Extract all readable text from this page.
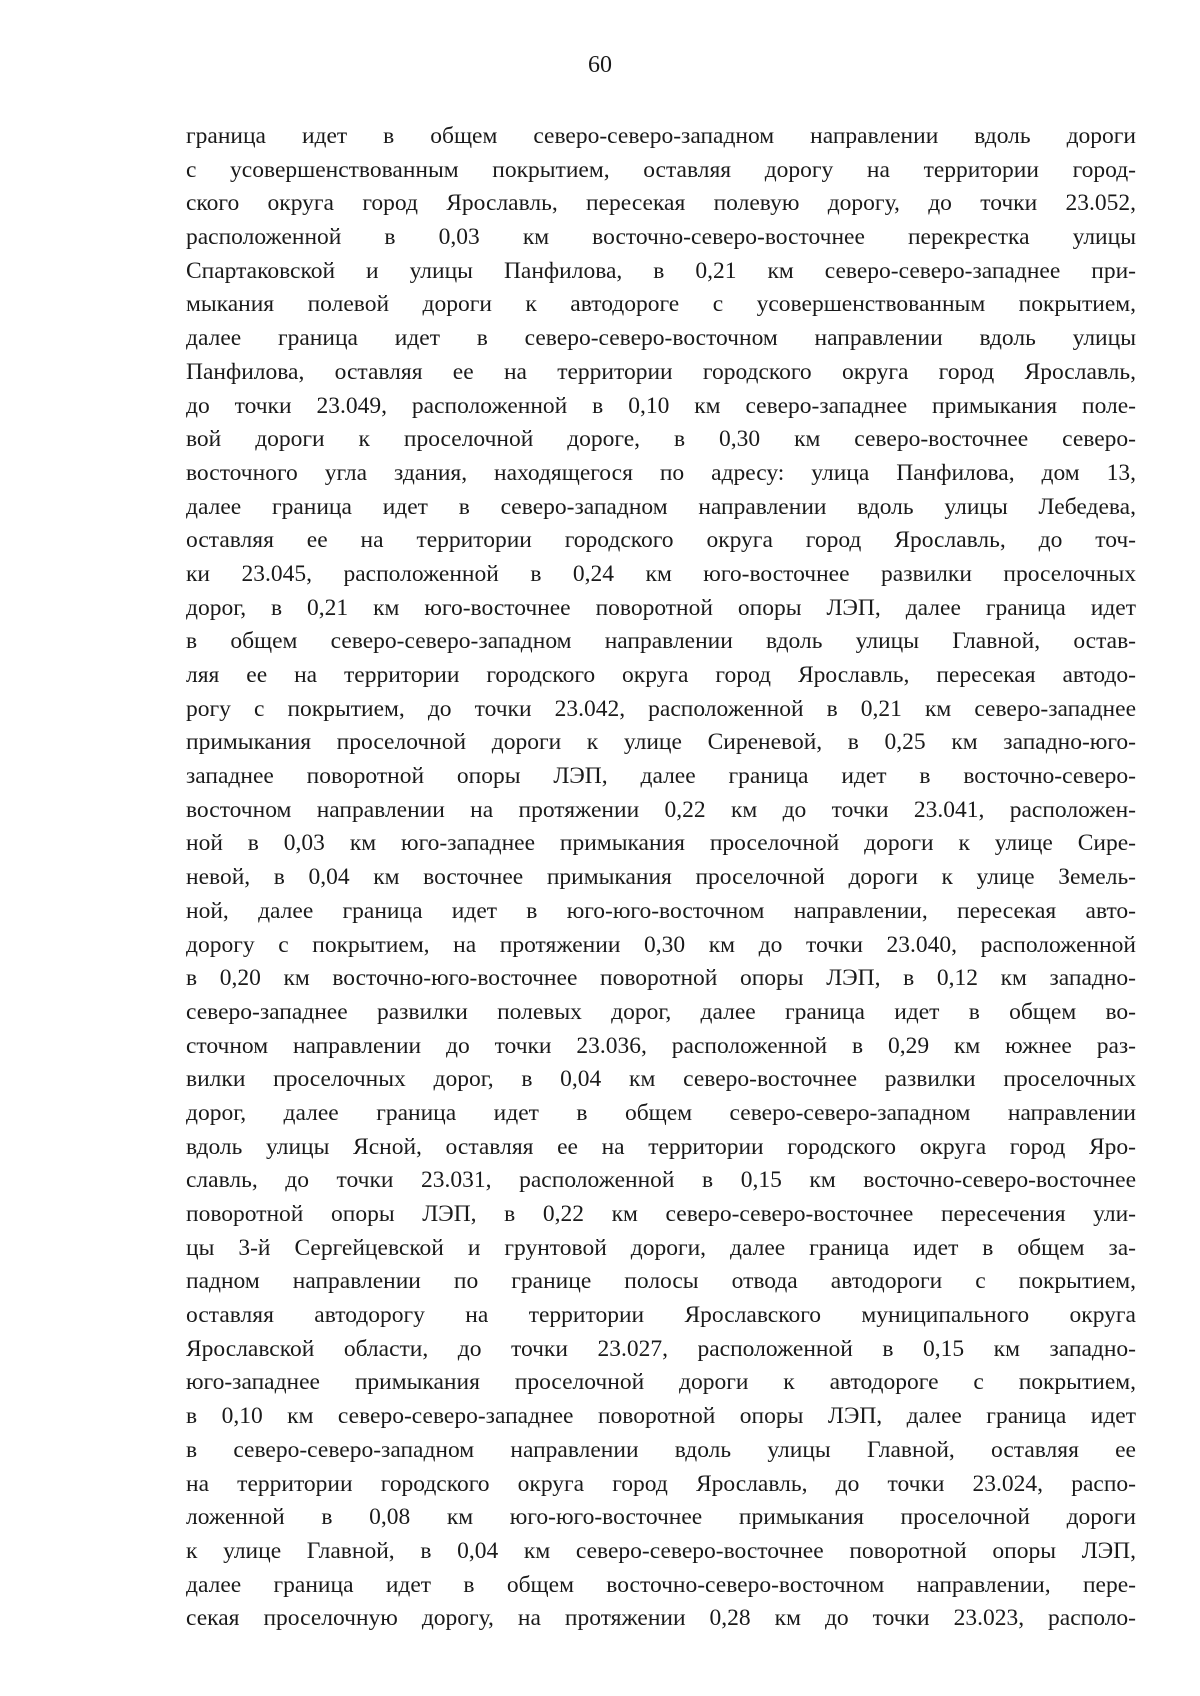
60
граница идет в общем северо-северо-западном направлении вдоль дороги
с усовершенствованным покрытием, оставляя дорогу на территории город-
ского округа город Ярославль, пересекая полевую дорогу, до точки 23.052,
расположенной в 0,03 км восточно-северо-восточнее перекрестка улицы
Спартаковской и улицы Панфилова, в 0,21 км северо-северо-западнее при-
мыкания полевой дороги к автодороге с усовершенствованным покрытием,
далее граница идет в северо-северо-восточном направлении вдоль улицы
Панфилова, оставляя ее на территории городского округа город Ярославль,
до точки 23.049, расположенной в 0,10 км северо-западнее примыкания поле-
вой дороги к проселочной дороге, в 0,30 км северо-восточнее северо-
восточного угла здания, находящегося по адресу: улица Панфилова, дом 13,
далее граница идет в северо-западном направлении вдоль улицы Лебедева,
оставляя ее на территории городского округа город Ярославль, до точ-
ки 23.045, расположенной в 0,24 км юго-восточнее развилки проселочных
дорог, в 0,21 км юго-восточнее поворотной опоры ЛЭП, далее граница идет
в общем северо-северо-западном направлении вдоль улицы Главной, остав-
ляя ее на территории городского округа город Ярославль, пересекая автодо-
рогу с покрытием, до точки 23.042, расположенной в 0,21 км северо-западнее
примыкания проселочной дороги к улице Сиреневой, в 0,25 км западно-юго-
западнее поворотной опоры ЛЭП, далее граница идет в восточно-северо-
восточном направлении на протяжении 0,22 км до точки 23.041, расположен-
ной в 0,03 км юго-западнее примыкания проселочной дороги к улице Сире-
невой, в 0,04 км восточнее примыкания проселочной дороги к улице Земель-
ной, далее граница идет в юго-юго-восточном направлении, пересекая авто-
дорогу с покрытием, на протяжении 0,30 км до точки 23.040, расположенной
в 0,20 км восточно-юго-восточнее поворотной опоры ЛЭП, в 0,12 км западно-
северо-западнее развилки полевых дорог, далее граница идет в общем во-
сточном направлении до точки 23.036, расположенной в 0,29 км южнее раз-
вилки проселочных дорог, в 0,04 км северо-восточнее развилки проселочных
дорог, далее граница идет в общем северо-северо-западном направлении
вдоль улицы Ясной, оставляя ее на территории городского округа город Яро-
славль, до точки 23.031, расположенной в 0,15 км восточно-северо-восточнее
поворотной опоры ЛЭП, в 0,22 км северо-северо-восточнее пересечения ули-
цы 3-й Сергейцевской и грунтовой дороги, далее граница идет в общем за-
падном направлении по границе полосы отвода автодороги с покрытием,
оставляя автодорогу на территории Ярославского муниципального округа
Ярославской области, до точки 23.027, расположенной в 0,15 км западно-
юго-западнее примыкания проселочной дороги к автодороге с покрытием,
в 0,10 км северо-северо-западнее поворотной опоры ЛЭП, далее граница идет
в северо-северо-западном направлении вдоль улицы Главной, оставляя ее
на территории городского округа город Ярославль, до точки 23.024, распо-
ложенной в 0,08 км юго-юго-восточнее примыкания проселочной дороги
к улице Главной, в 0,04 км северо-северо-восточнее поворотной опоры ЛЭП,
далее граница идет в общем восточно-северо-восточном направлении, пере-
секая проселочную дорогу, на протяжении 0,28 км до точки 23.023, располо-
